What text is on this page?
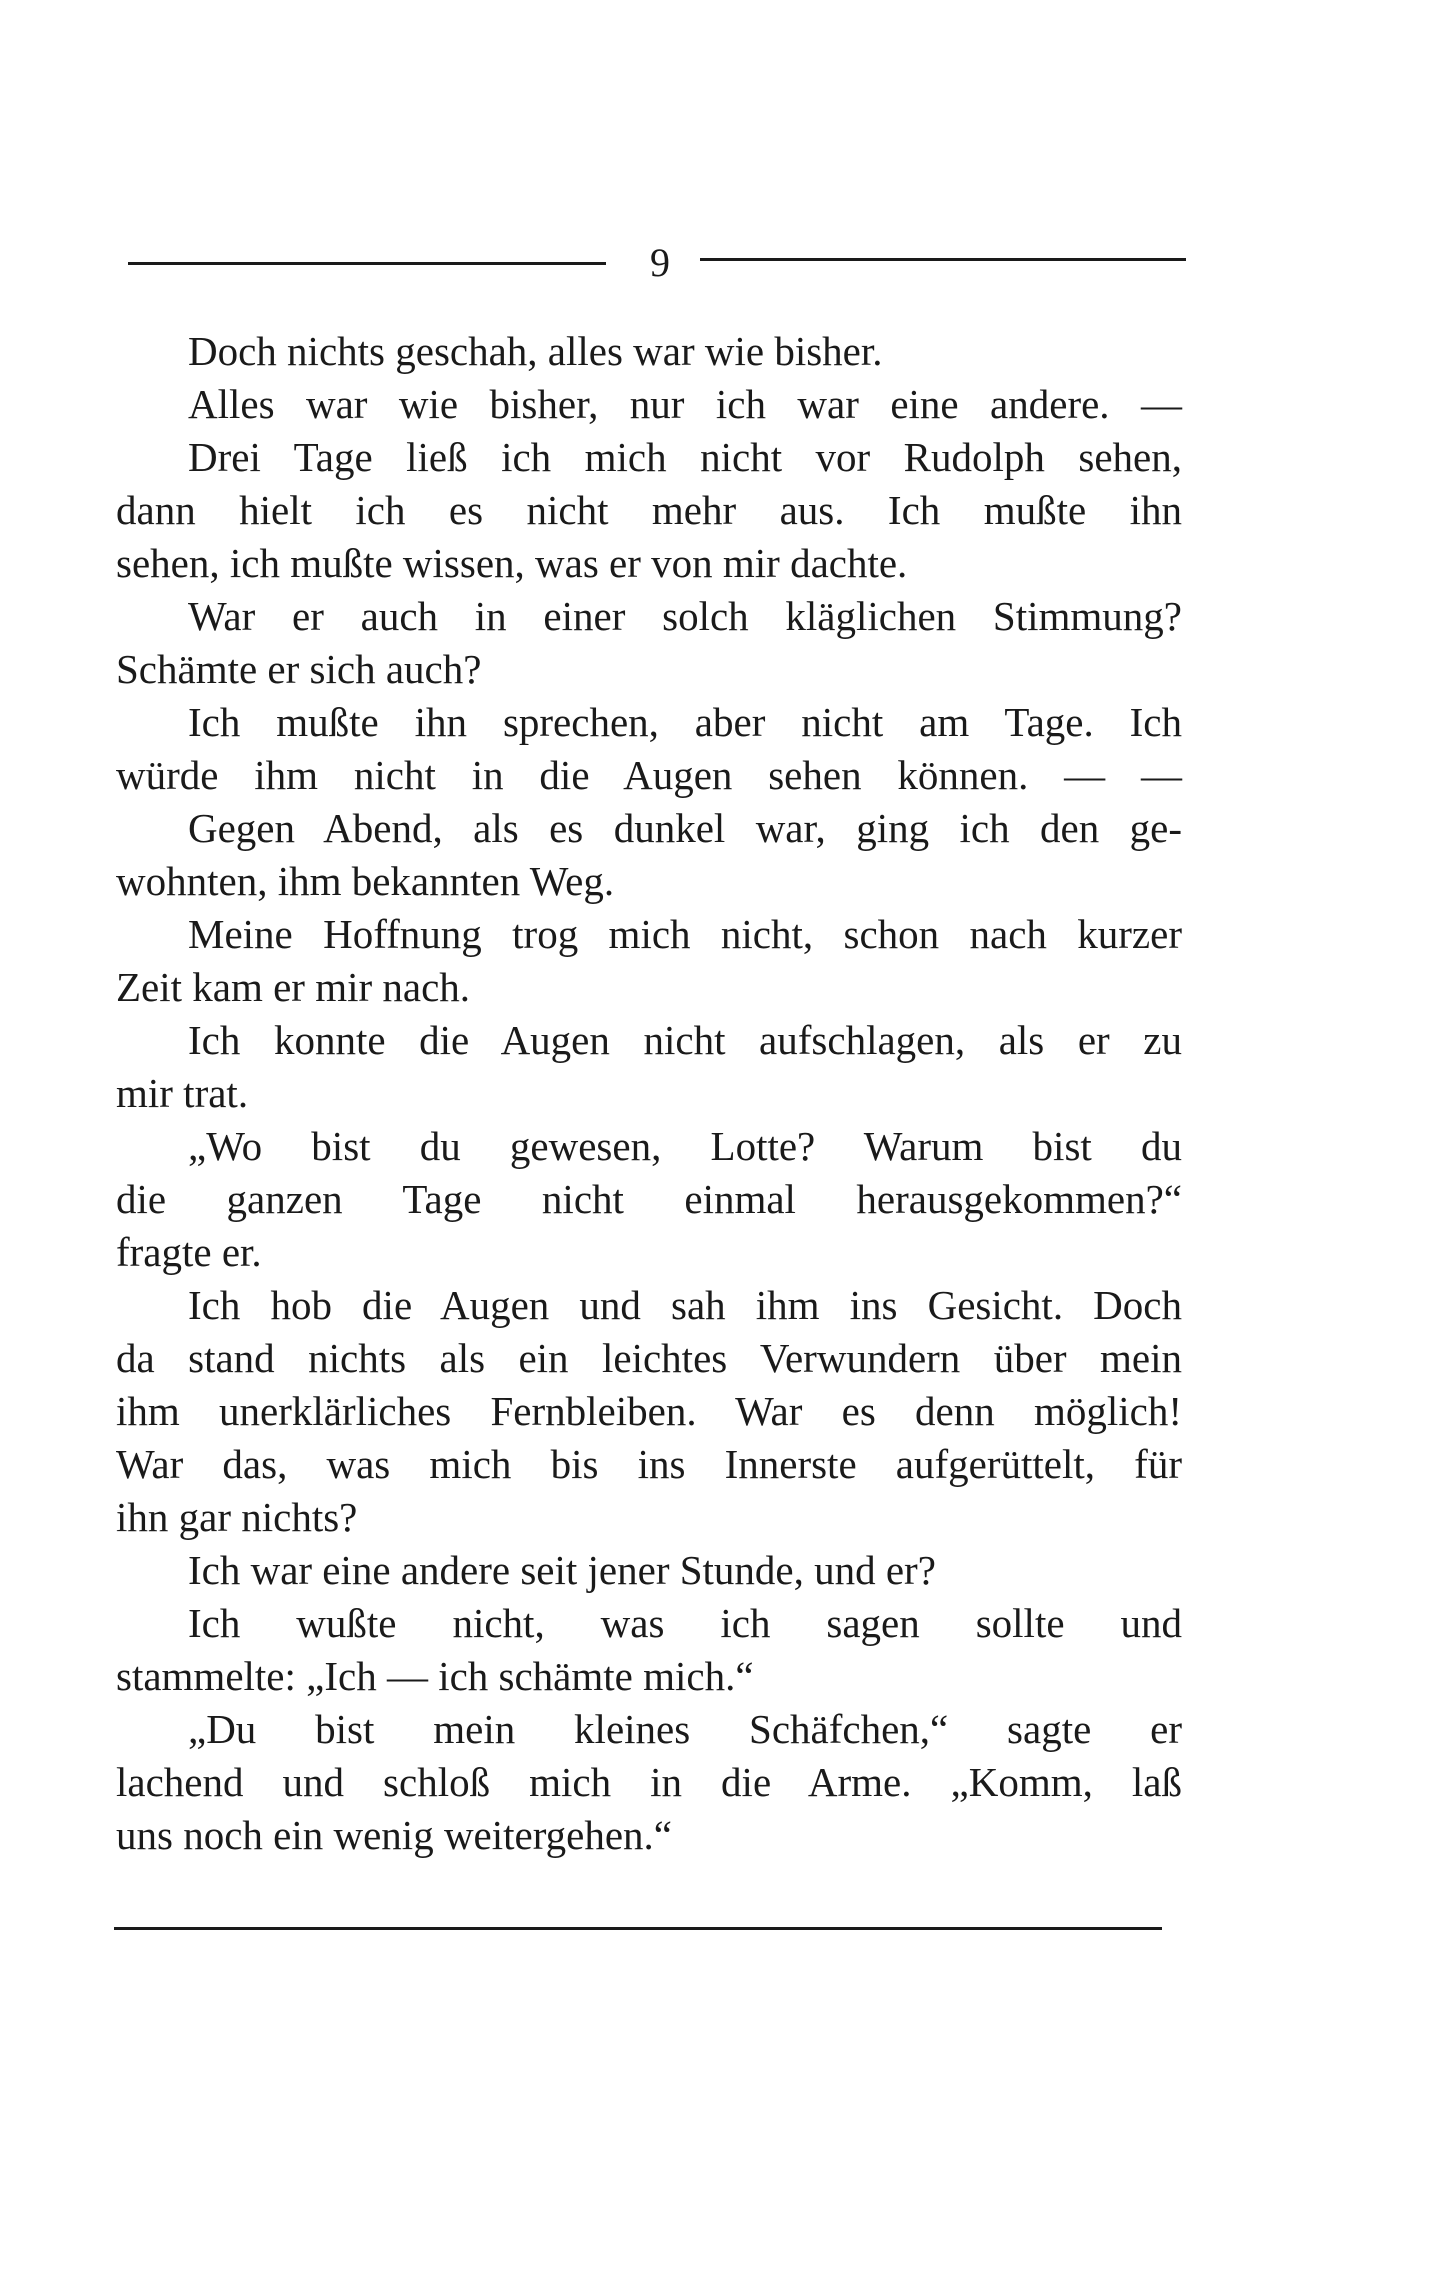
9
Doch nichts geschah, alles war wie bisher.
Alles war wie bisher, nur ich war eine andere. —
Drei Tage ließ ich mich nicht vor Rudolph sehen,
dann hielt ich es nicht mehr aus. Ich mußte ihn
sehen, ich mußte wissen, was er von mir dachte.
War er auch in einer solch kläglichen Stimmung?
Schämte er sich auch?
Ich mußte ihn sprechen, aber nicht am Tage. Ich
würde ihm nicht in die Augen sehen können. — —
Gegen Abend, als es dunkel war, ging ich den ge-
wohnten, ihm bekannten Weg.
Meine Hoffnung trog mich nicht, schon nach kurzer
Zeit kam er mir nach.
Ich konnte die Augen nicht aufschlagen, als er zu
mir trat.
„Wo bist du gewesen, Lotte? Warum bist du
die ganzen Tage nicht einmal herausgekommen?“
fragte er.
Ich hob die Augen und sah ihm ins Gesicht. Doch
da stand nichts als ein leichtes Verwundern über mein
ihm unerklärliches Fernbleiben. War es denn möglich!
War das, was mich bis ins Innerste aufgerüttelt, für
ihn gar nichts?
Ich war eine andere seit jener Stunde, und er?
Ich wußte nicht, was ich sagen sollte und
stammelte: „Ich — ich schämte mich.“
„Du bist mein kleines Schäfchen,“ sagte er
lachend und schloß mich in die Arme. „Komm, laß
uns noch ein wenig weitergehen.“
